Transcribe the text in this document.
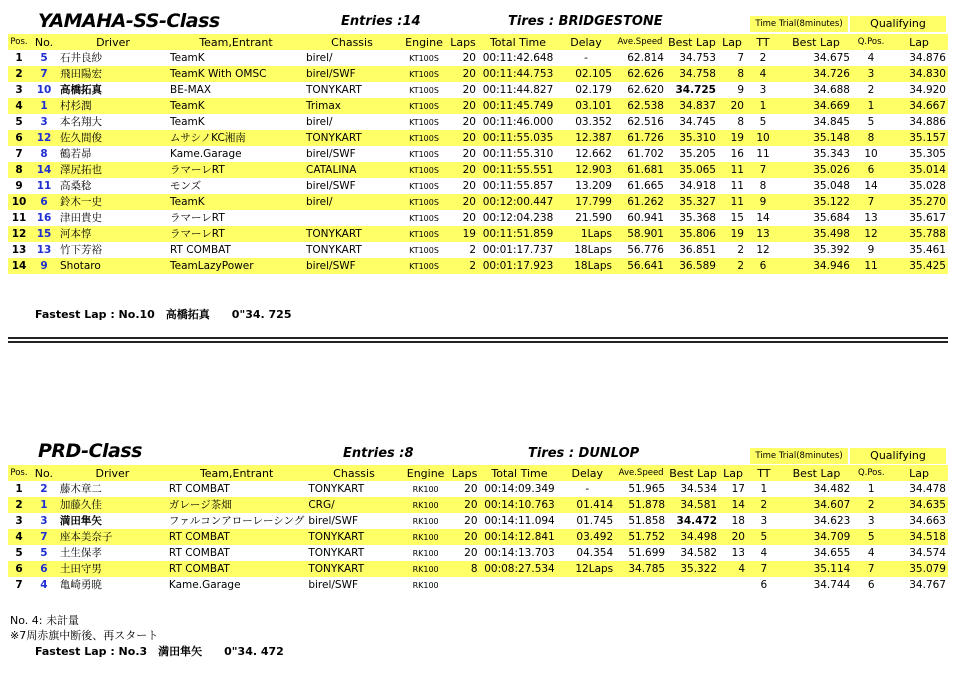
YAMAHA-SS-Class	Entries :14	Tires : BRIDGESTONE	Time Trial(8minutes)	Qualifying
Pos.	No.	Driver	Team,Entrant	Chassis	Engine	Laps	Total Time	Delay	Ave.Speed	Best Lap	Lap	TT	Best Lap	Q.Pos.	Lap
1	5	石井良紗	TeamK	birel/	KT100S	20	00:11:42.648	-	62.814	34.753	7	2	34.675	4	34.876
2	7	飛田陽宏	TeamK With OMSC	birel/SWF	KT100S	20	00:11:44.753	02.105	62.626	34.758	8	4	34.726	3	34.830
3	10	高橋拓真	BE-MAX	TONYKART	KT100S	20	00:11:44.827	02.179	62.620	34.725	9	3	34.688	2	34.920
4	1	村杉潤	TeamK	Trimax	KT100S	20	00:11:45.749	03.101	62.538	34.837	20	1	34.669	1	34.667
5	3	本名翔大	TeamK	birel/	KT100S	20	00:11:46.000	03.352	62.516	34.745	8	5	34.845	5	34.886
6	12	佐久間俊	ムサシノKC湘南	TONYKART	KT100S	20	00:11:55.035	12.387	61.726	35.310	19	10	35.148	8	35.157
7	8	鶴若昴	Kame.Garage	birel/SWF	KT100S	20	00:11:55.310	12.662	61.702	35.205	16	11	35.343	10	35.305
8	14	澤尻拓也	ラマーレRT	CATALINA	KT100S	20	00:11:55.551	12.903	61.681	35.065	11	7	35.026	6	35.014
9	11	高桑稔	モンズ	birel/SWF	KT100S	20	00:11:55.857	13.209	61.665	34.918	11	8	35.048	14	35.028
10	6	鈴木一史	TeamK	birel/	KT100S	20	00:12:00.447	17.799	61.262	35.327	11	9	35.122	7	35.270
11	16	津田貴史	ラマーレRT		KT100S	20	00:12:04.238	21.590	60.941	35.368	15	14	35.684	13	35.617
12	15	河本惇	ラマーレRT	TONYKART	KT100S	19	00:11:51.859	1Laps	58.901	35.806	19	13	35.498	12	35.788
13	13	竹下芳裕	RT COMBAT	TONYKART	KT100S	2	00:01:17.737	18Laps	56.776	36.851	2	12	35.392	9	35.461
14	9	Shotaro	TeamLazyPower	birel/SWF	KT100S	2	00:01:17.923	18Laps	56.641	36.589	2	6	34.946	11	35.425
Fastest Lap : No.10　高橋拓真　　0"34. 725
PRD-Class	Entries :8	Tires : DUNLOP	Time Trial(8minutes)	Qualifying
Pos.	No.	Driver	Team,Entrant	Chassis	Engine	Laps	Total Time	Delay	Ave.Speed	Best Lap	Lap	TT	Best Lap	Q.Pos.	Lap
1	2	藤木章二	RT COMBAT	TONYKART	RK100	20	00:14:09.349	-	51.965	34.534	17	1	34.482	1	34.478
2	1	加藤久佳	ガレージ茶畑	CRG/	RK100	20	00:14:10.763	01.414	51.878	34.581	14	2	34.607	2	34.635
3	3	満田隼矢	ファルコンアローレーシング	birel/SWF	RK100	20	00:14:11.094	01.745	51.858	34.472	18	3	34.623	3	34.663
4	7	座本美奈子	RT COMBAT	TONYKART	RK100	20	00:14:12.841	03.492	51.752	34.498	20	5	34.709	5	34.518
5	5	土生保孝	RT COMBAT	TONYKART	RK100	20	00:14:13.703	04.354	51.699	34.582	13	4	34.655	4	34.574
6	6	土田守男	RT COMBAT	TONYKART	RK100	8	00:08:27.534	12Laps	34.785	35.322	4	7	35.114	7	35.079
7	4	亀崎勇暁	Kame.Garage	birel/SWF	RK100							6	34.744	6	34.767
No. 4: 未計量
※7周赤旗中断後、再スタート
Fastest Lap : No.3　満田隼矢　　0"34. 472
